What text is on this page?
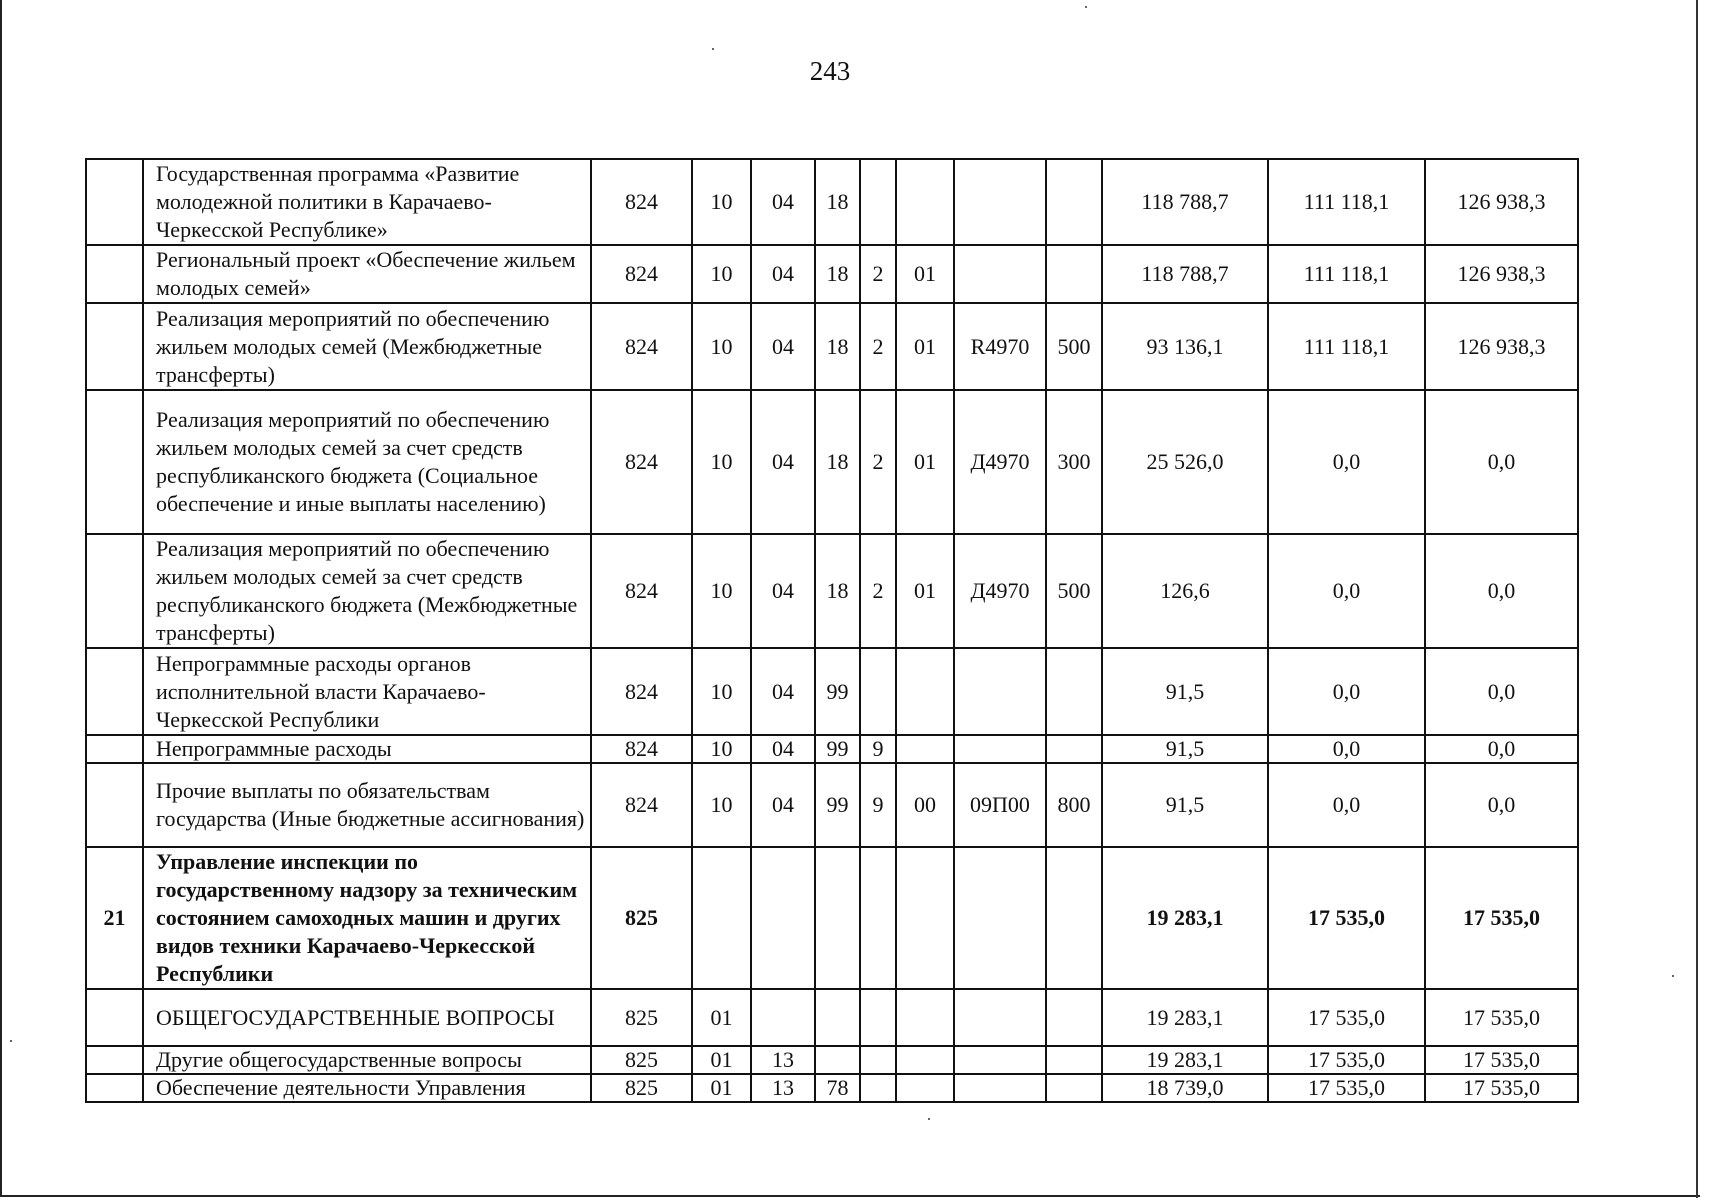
243
	Государственная программа «Развитие молодежной политики в Карачаево-Черкесской Республике»	824	10	04	18					118 788,7	111 118,1	126 938,3
	Региональный проект «Обеспечение жильем молодых семей»	824	10	04	18	2	01			118 788,7	111 118,1	126 938,3
	Реализация мероприятий по обеспечению жильем молодых семей (Межбюджетные трансферты)	824	10	04	18	2	01	R4970	500	93 136,1	111 118,1	126 938,3
	Реализация мероприятий по обеспечению жильем молодых семей за счет средств республиканского бюджета (Социальное обеспечение и иные выплаты населению)	824	10	04	18	2	01	Д4970	300	25 526,0	0,0	0,0
	Реализация мероприятий по обеспечению жильем молодых семей за счет средств республиканского бюджета (Межбюджетные трансферты)	824	10	04	18	2	01	Д4970	500	126,6	0,0	0,0
	Непрограммные расходы органов исполнительной власти Карачаево-Черкесской Республики	824	10	04	99					91,5	0,0	0,0
	Непрограммные расходы	824	10	04	99	9				91,5	0,0	0,0
	Прочие выплаты по обязательствам государства (Иные бюджетные ассигнования)	824	10	04	99	9	00	09П00	800	91,5	0,0	0,0
21	Управление инспекции по государственному надзору за техническим состоянием самоходных машин и других видов техники Карачаево-Черкесской Республики	825								19 283,1	17 535,0	17 535,0
	ОБЩЕГОСУДАРСТВЕННЫЕ ВОПРОСЫ	825	01							19 283,1	17 535,0	17 535,0
	Другие общегосударственные вопросы	825	01	13						19 283,1	17 535,0	17 535,0
	Обеспечение деятельности Управления	825	01	13	78					18 739,0	17 535,0	17 535,0
